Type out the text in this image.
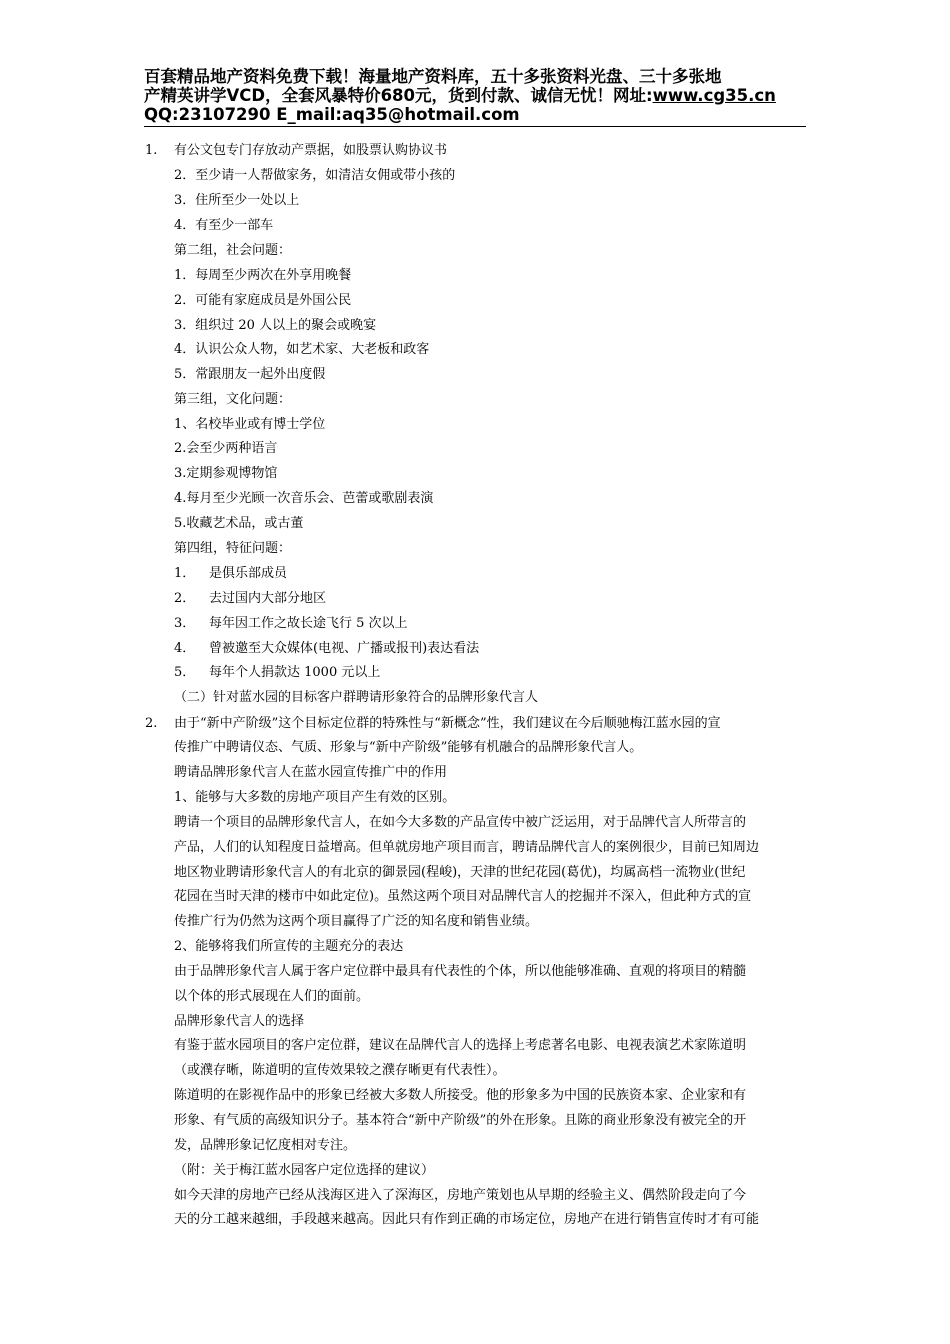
百套精品地产资料免费下载！海量地产资料库，五十多张资料光盘、三十多张地
产精英讲学VCD，全套风暴特价680元，货到付款、诚信无忧！网址:www.cg35.cn
QQ:23107290 E_mail:aq35@hotmail.com
1. 有公文包专门存放动产票据，如股票认购协议书
2．至少请一人帮做家务，如清洁女佣或带小孩的
3．住所至少一处以上
4．有至少一部车
第二组，社会问题：
1．每周至少两次在外享用晚餐
2．可能有家庭成员是外国公民
3．组织过 20 人以上的聚会或晚宴
4．认识公众人物，如艺术家、大老板和政客
5．常跟朋友一起外出度假
第三组，文化问题：
1、名校毕业或有博士学位
2.会至少两种语言
3.定期参观博物馆
4.每月至少光顾一次音乐会、芭蕾或歌剧表演
5.收藏艺术品，或古董
第四组，特征问题：
1． 是俱乐部成员
2． 去过国内大部分地区
3． 每年因工作之故长途飞行 5 次以上
4． 曾被邀至大众媒体(电视、广播或报刊)表达看法
5． 每年个人捐款达 1000 元以上
（二）针对蓝水园的目标客户群聘请形象符合的品牌形象代言人
2. 由于“新中产阶级”这个目标定位群的特殊性与“新概念”性，我们建议在今后顺驰梅江蓝水园的宣
传推广中聘请仪态、气质、形象与“新中产阶级”能够有机融合的品牌形象代言人。
聘请品牌形象代言人在蓝水园宣传推广中的作用
1、能够与大多数的房地产项目产生有效的区别。
聘请一个项目的品牌形象代言人，在如今大多数的产品宣传中被广泛运用，对于品牌代言人所带言的
产品，人们的认知程度日益增高。但单就房地产项目而言，聘请品牌代言人的案例很少，目前已知周边
地区物业聘请形象代言人的有北京的御景园(程峻)，天津的世纪花园(葛优)，均属高档一流物业(世纪
花园在当时天津的楼市中如此定位)。虽然这两个项目对品牌代言人的挖掘并不深入，但此种方式的宣
传推广行为仍然为这两个项目赢得了广泛的知名度和销售业绩。
2、能够将我们所宣传的主题充分的表达
由于品牌形象代言人属于客户定位群中最具有代表性的个体，所以他能够准确、直观的将项目的精髓
以个体的形式展现在人们的面前。
品牌形象代言人的选择
有鉴于蓝水园项目的客户定位群，建议在品牌代言人的选择上考虑著名电影、电视表演艺术家陈道明
（或濮存晰，陈道明的宣传效果较之濮存晰更有代表性）。
陈道明的在影视作品中的形象已经被大多数人所接受。他的形象多为中国的民族资本家、企业家和有
形象、有气质的高级知识分子。基本符合“新中产阶级”的外在形象。且陈的商业形象没有被完全的开
发，品牌形象记忆度相对专注。
（附：关于梅江蓝水园客户定位选择的建议）
如今天津的房地产已经从浅海区进入了深海区，房地产策划也从早期的经验主义、偶然阶段走向了今
天的分工越来越细，手段越来越高。因此只有作到正确的市场定位，房地产在进行销售宣传时才有可能
